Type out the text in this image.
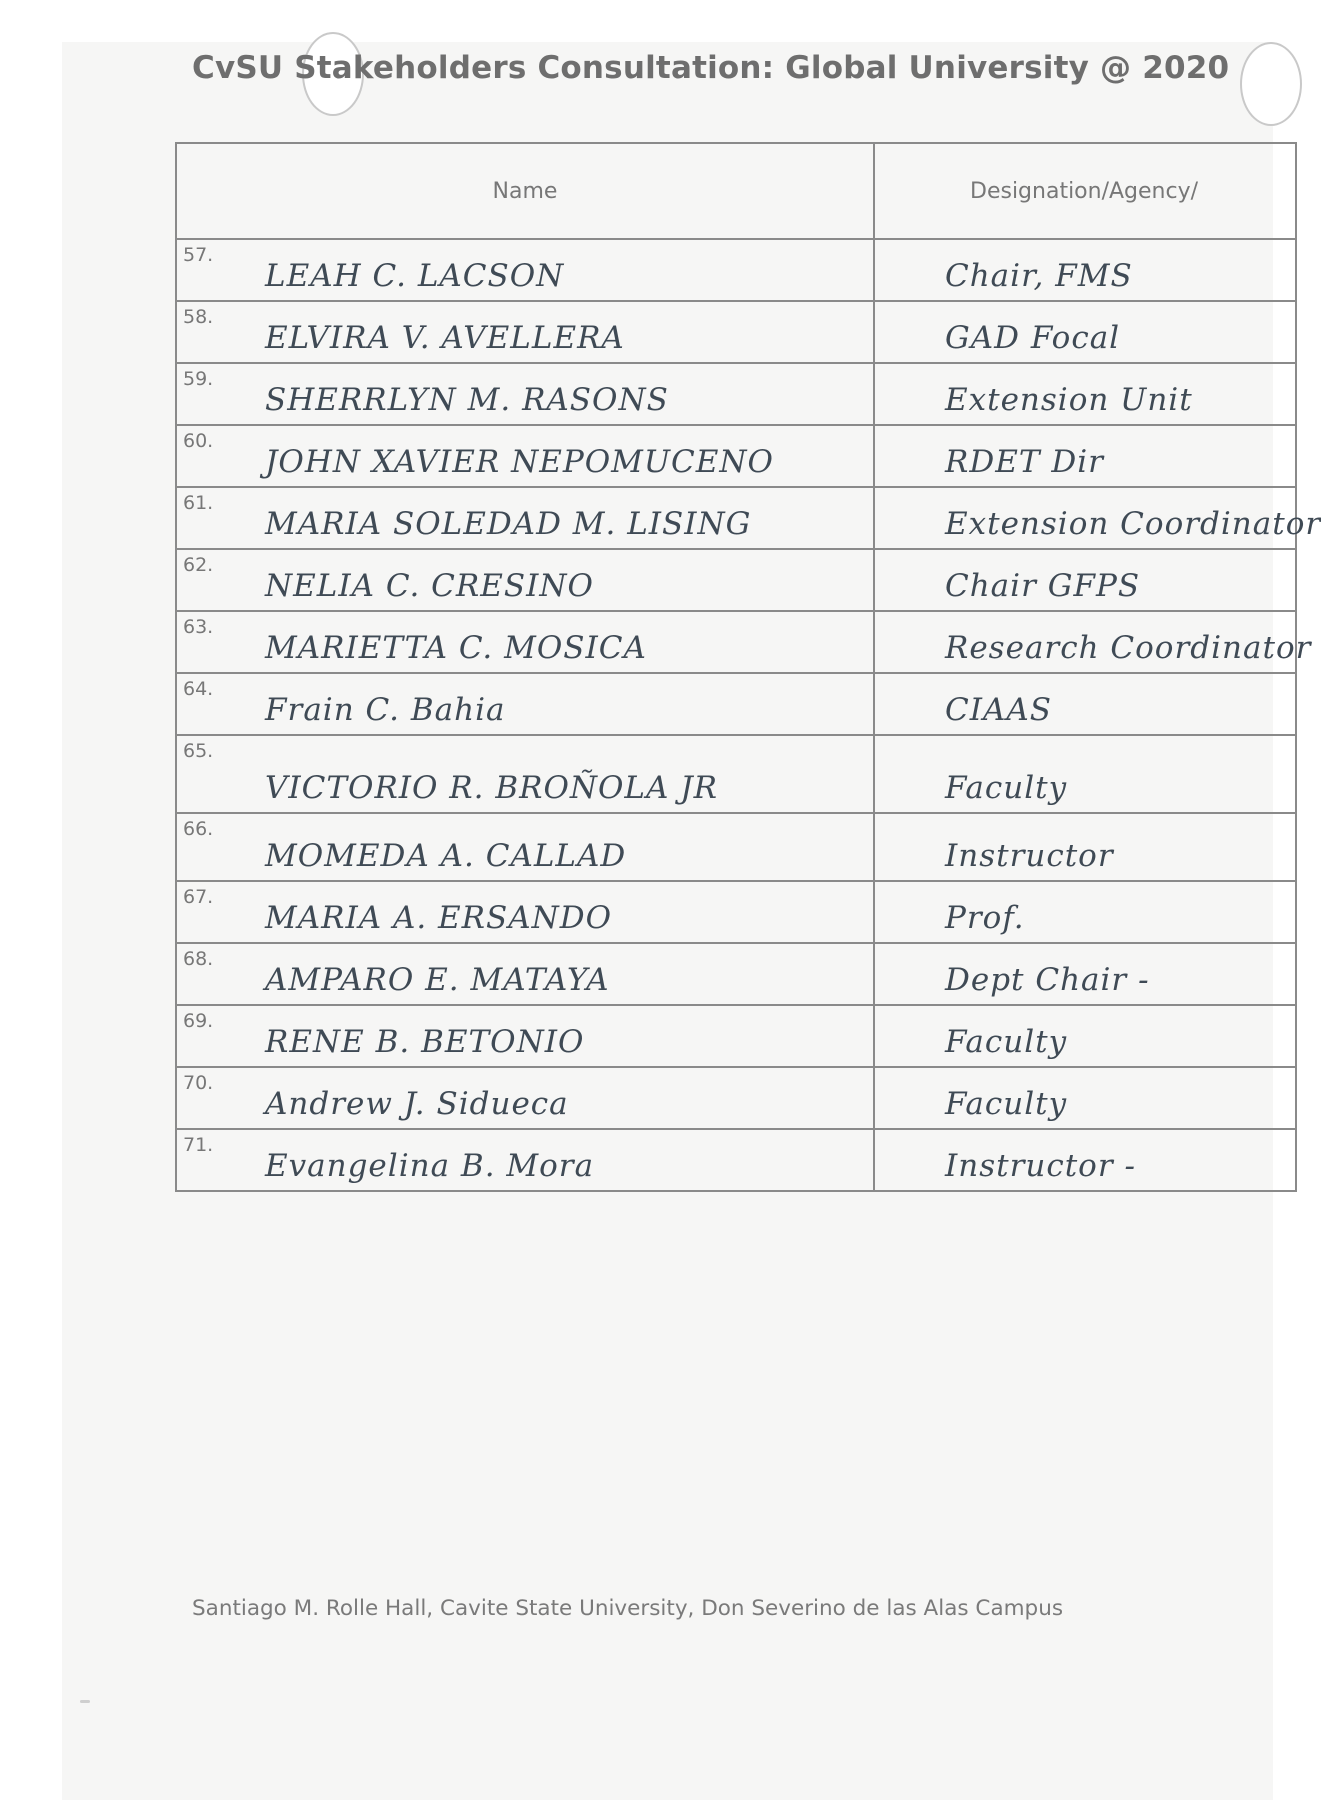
CvSU Stakeholders Consultation: Global University @ 2020
Name	Designation/Agency/

57.
LEAH C. LACSON	Chair, FMS

58.
ELVIRA V. AVELLERA	GAD Focal

59.
SHERRLYN M. RASONS	Extension Unit

60.
JOHN XAVIER NEPOMUCENO	RDET Dir

61.
MARIA SOLEDAD M. LISING	Extension Coordinator

62.
NELIA C. CRESINO	Chair GFPS

63.
MARIETTA C. MOSICA	Research Coordinator

64.
Frain C. Bahia	CIAAS

65.
VICTORIO R. BROÑOLA JR	Faculty

66.
MOMEDA A. CALLAD	Instructor

67.
MARIA A. ERSANDO	Prof.

68.
AMPARO E. MATAYA	Dept Chair -

69.
RENE B. BETONIO	Faculty

70.
Andrew J. Sidueca	Faculty

71.
Evangelina B. Mora	Instructor -
Santiago M. Rolle Hall, Cavite State University, Don Severino de las Alas Campus
